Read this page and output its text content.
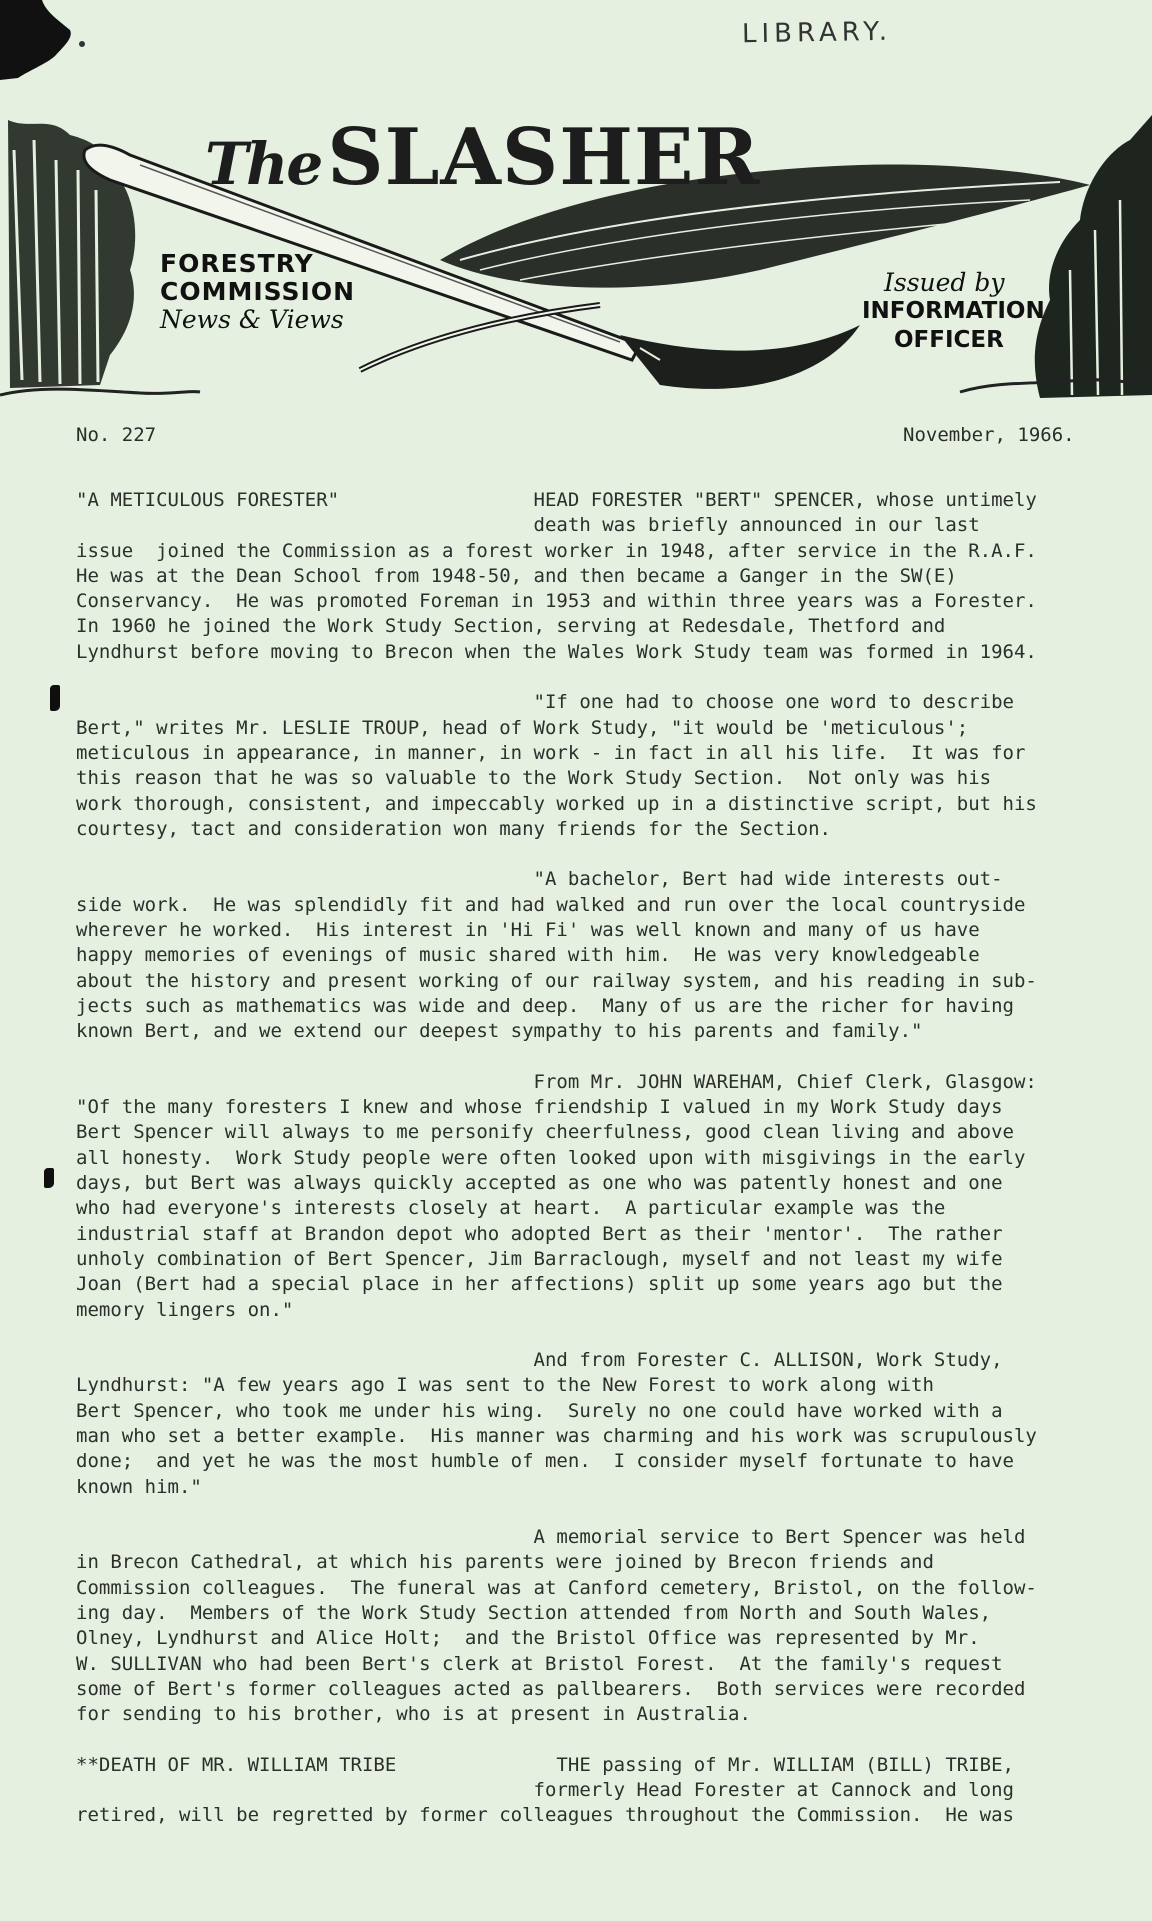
LIBRARY.
TheSLASHER
FORESTRY
COMMISSION
News & Views
Issued by
INFORMATION
OFFICER
No. 227	November, 1966.
"A METICULOUS FORESTER"                 HEAD FORESTER "BERT" SPENCER, whose untimely
death was briefly announced in our last
issue  joined the Commission as a forest worker in 1948, after service in the R.A.F.
He was at the Dean School from 1948-50, and then became a Ganger in the SW(E)
Conservancy.  He was promoted Foreman in 1953 and within three years was a Forester.
In 1960 he joined the Work Study Section, serving at Redesdale, Thetford and
Lyndhurst before moving to Brecon when the Wales Work Study team was formed in 1964.

"If one had to choose one word to describe
Bert," writes Mr. LESLIE TROUP, head of Work Study, "it would be 'meticulous';
meticulous in appearance, in manner, in work - in fact in all his life.  It was for
this reason that he was so valuable to the Work Study Section.  Not only was his
work thorough, consistent, and impeccably worked up in a distinctive script, but his
courtesy, tact and consideration won many friends for the Section.

"A bachelor, Bert had wide interests out-
side work.  He was splendidly fit and had walked and run over the local countryside
wherever he worked.  His interest in 'Hi Fi' was well known and many of us have
happy memories of evenings of music shared with him.  He was very knowledgeable
about the history and present working of our railway system, and his reading in sub-
jects such as mathematics was wide and deep.  Many of us are the richer for having
known Bert, and we extend our deepest sympathy to his parents and family."

From Mr. JOHN WAREHAM, Chief Clerk, Glasgow:
"Of the many foresters I knew and whose friendship I valued in my Work Study days
Bert Spencer will always to me personify cheerfulness, good clean living and above
all honesty.  Work Study people were often looked upon with misgivings in the early
days, but Bert was always quickly accepted as one who was patently honest and one
who had everyone's interests closely at heart.  A particular example was the
industrial staff at Brandon depot who adopted Bert as their 'mentor'.  The rather
unholy combination of Bert Spencer, Jim Barraclough, myself and not least my wife
Joan (Bert had a special place in her affections) split up some years ago but the
memory lingers on."

And from Forester C. ALLISON, Work Study,
Lyndhurst: "A few years ago I was sent to the New Forest to work along with
Bert Spencer, who took me under his wing.  Surely no one could have worked with a
man who set a better example.  His manner was charming and his work was scrupulously
done;  and yet he was the most humble of men.  I consider myself fortunate to have
known him."

A memorial service to Bert Spencer was held
in Brecon Cathedral, at which his parents were joined by Brecon friends and
Commission colleagues.  The funeral was at Canford cemetery, Bristol, on the follow-
ing day.  Members of the Work Study Section attended from North and South Wales,
Olney, Lyndhurst and Alice Holt;  and the Bristol Office was represented by Mr.
W. SULLIVAN who had been Bert's clerk at Bristol Forest.  At the family's request
some of Bert's former colleagues acted as pallbearers.  Both services were recorded
for sending to his brother, who is at present in Australia.

**DEATH OF MR. WILLIAM TRIBE              THE passing of Mr. WILLIAM (BILL) TRIBE,
formerly Head Forester at Cannock and long
retired, will be regretted by former colleagues throughout the Commission.  He was
